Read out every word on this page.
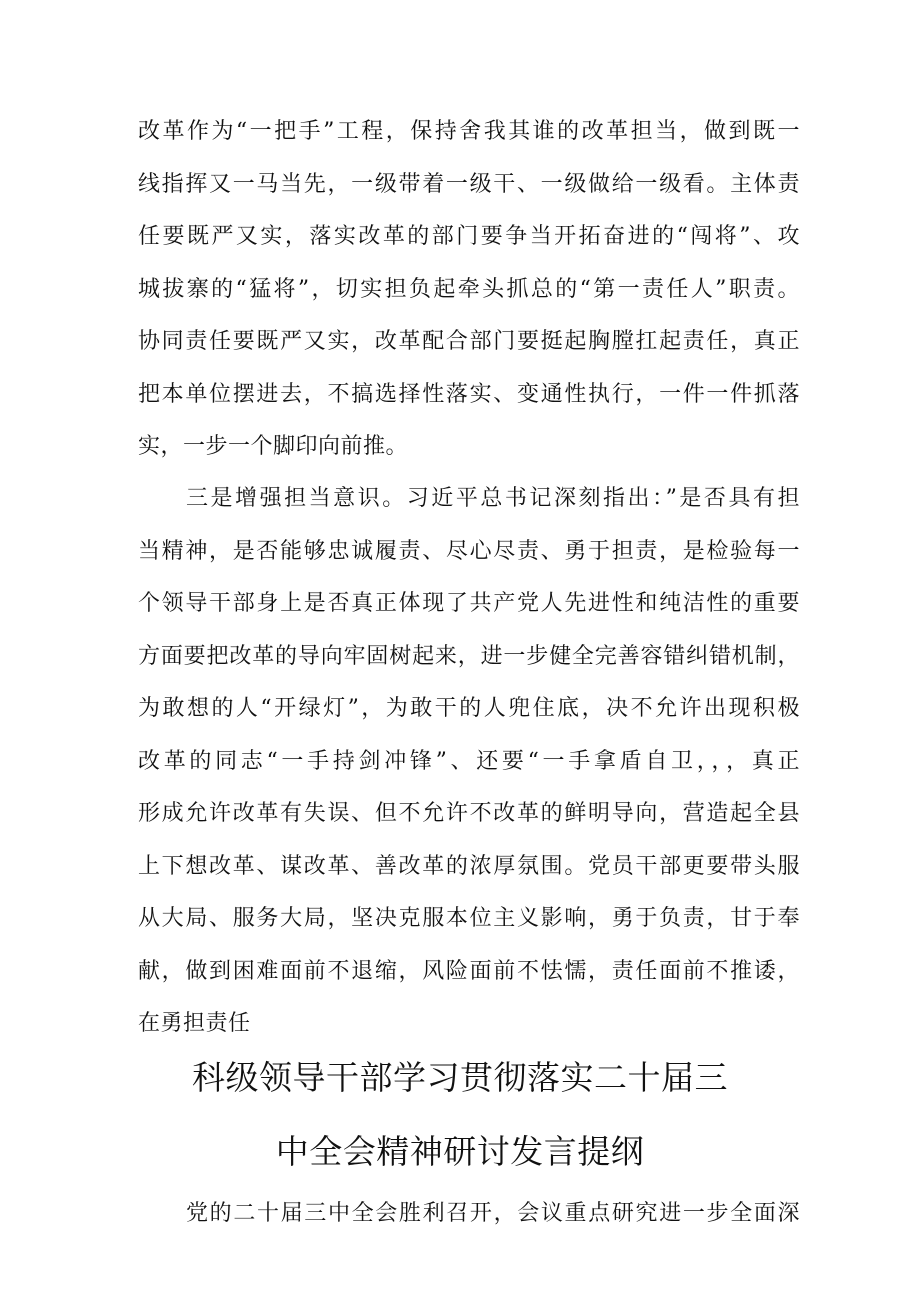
改革作为“一把手”工程，保持舍我其谁的改革担当，做到既一
线指挥又一马当先，一级带着一级干、一级做给一级看。主体责
任要既严又实，落实改革的部门要争当开拓奋进的“闯将”、攻
城拔寨的“猛将”，切实担负起牵头抓总的“第一责任人”职责。
协同责任要既严又实，改革配合部门要挺起胸膛扛起责任，真正
把本单位摆进去，不搞选择性落实、变通性执行，一件一件抓落
实，一步一个脚印向前推。
三是增强担当意识。习近平总书记深刻指出：”是否具有担
当精神，是否能够忠诚履责、尽心尽责、勇于担责，是检验每一
个领导干部身上是否真正体现了共产党人先进性和纯洁性的重要
方面要把改革的导向牢固树起来，进一步健全完善容错纠错机制，
为敢想的人“开绿灯”，为敢干的人兜住底，决不允许出现积极
改革的同志“一手持剑冲锋”、还要“一手拿盾自卫，，，真正
形成允许改革有失误、但不允许不改革的鲜明导向，营造起全县
上下想改革、谋改革、善改革的浓厚氛围。党员干部更要带头服
从大局、服务大局，坚决克服本位主义影响，勇于负责，甘于奉
献，做到困难面前不退缩，风险面前不怯懦，责任面前不推诿，
在勇担责任
科级领导干部学习贯彻落实二十届三
中全会精神研讨发言提纲
党的二十届三中全会胜利召开，会议重点研究进一步全面深
